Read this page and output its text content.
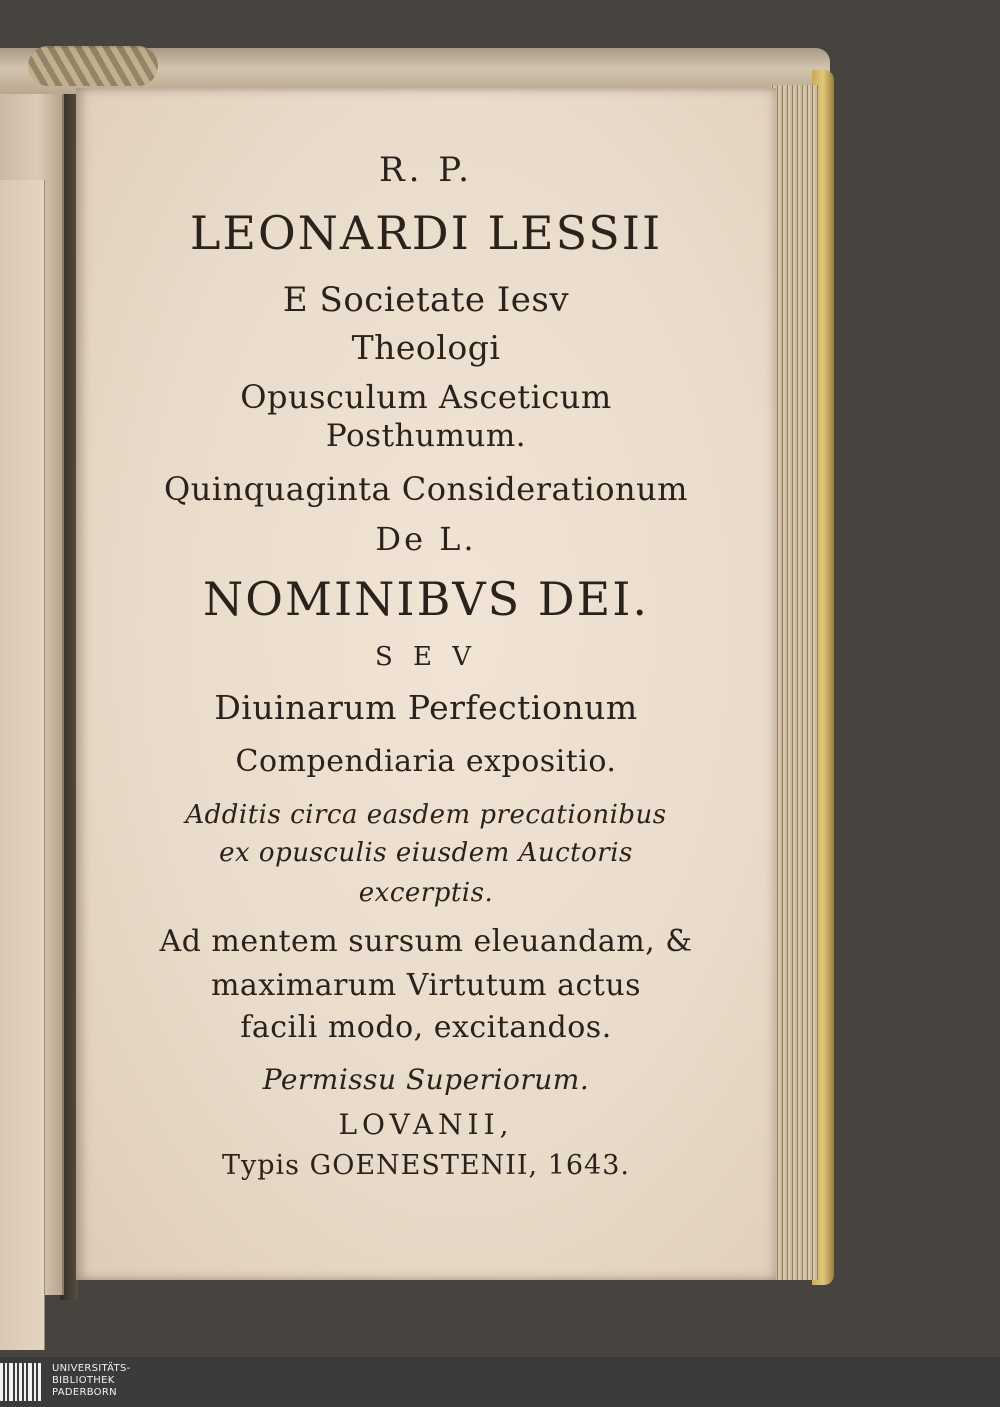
R. P.
LEONARDI LESSII
E Societate Iesv
Theologi
Opusculum Asceticum
Posthumum.
Quinquaginta Considerationum
De L.
NOMINIBVS DEI.
S E V
Diuinarum Perfectionum
Compendiaria expositio.
Additis circa easdem precationibus
ex opusculis eiusdem Auctoris
excerptis.
Ad mentem sursum eleuandam, &
maximarum Virtutum actus
facili modo, excitandos.
Permissu Superiorum.
LOVANII,
Typis GOENESTENII, 1643.
UNIVERSITÄTS-
BIBLIOTHEK
PADERBORN
